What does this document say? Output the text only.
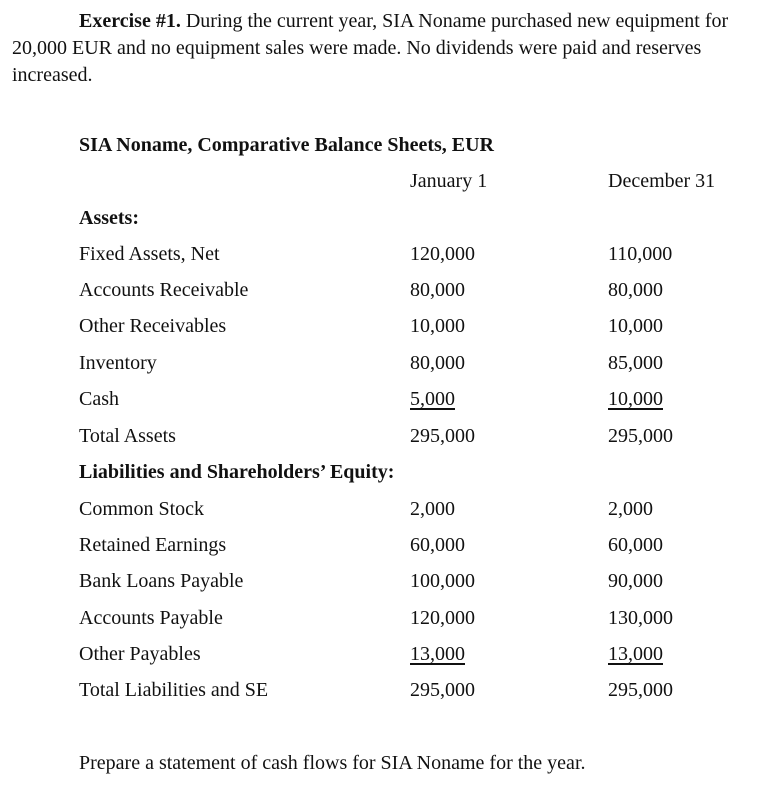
Exercise #1. During the current year, SIA Noname purchased new equipment for 20,000 EUR and no equipment sales were made. No dividends were paid and reserves increased.

SIA Noname, Comparative Balance Sheets, EUR

January 1	December 31
Assets:
Fixed Assets, Net	120,000	110,000
Accounts Receivable	80,000	80,000
Other Receivables	10,000	10,000
Inventory	80,000	85,000
Cash	5,000	10,000
Total Assets	295,000	295,000
Liabilities and Shareholders’ Equity:
Common Stock	2,000	2,000
Retained Earnings	60,000	60,000
Bank Loans Payable	100,000	90,000
Accounts Payable	120,000	130,000
Other Payables	13,000	13,000
Total Liabilities and SE	295,000	295,000

Prepare a statement of cash flows for SIA Noname for the year.
